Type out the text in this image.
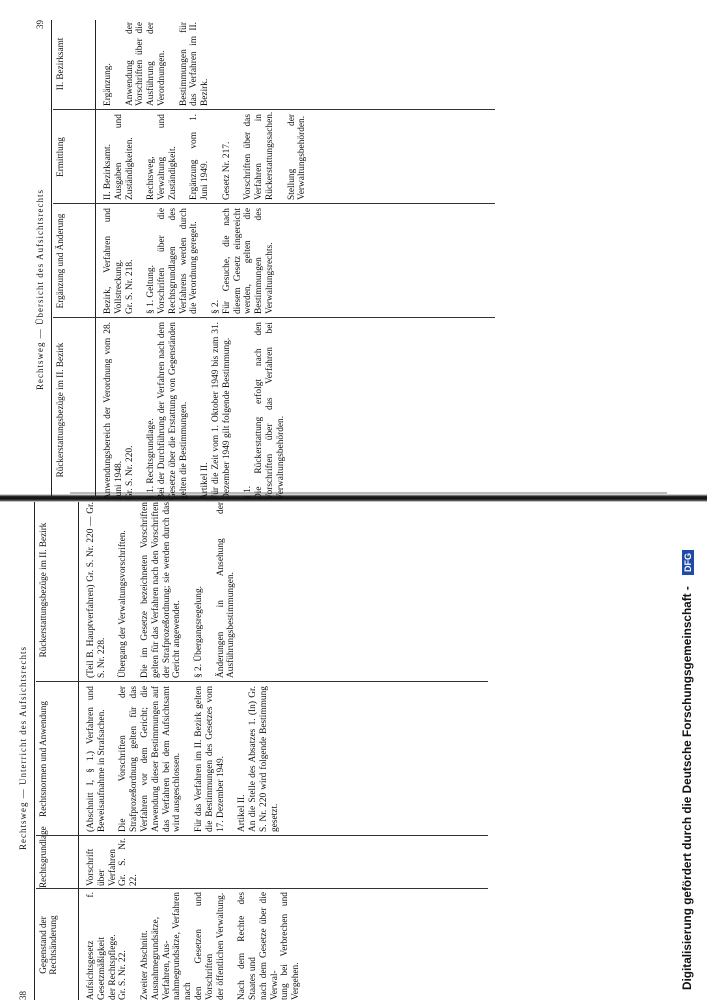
38
Rechtsweg — Unterricht des Aufsichtsrechts
Gegenstand der Rechtsänderung
Rechtsgrundlage
Rechtsnormen und Anwendung
Rückerstattungsbezüge im II. Bezirk
Aufsichtsgesetz f. Gesetzmäßigkeit
der Rechtspflege.
Gr. S. Nr. 22.

Zweiter Abschnitt.
Ausnahmegrundsätze, Verfahren, Aus-
nahmegrundsätze, Verfahren nach
den Gesetzen und Vorschriften
der öffentlichen Verwaltung.

Nach dem Rechte des Staates und
nach dem Gesetze über die Verwal-
tung bei Verbrechen und Vergehen.
Vorschrift
über
Verfahren
Gr. S. Nr. 22.
(Abschnitt I, § 1.) Verfahren und Beweisaufnahme in Strafsachen.

Die Vorschriften der Strafprozeßordnung gelten für das Verfahren vor dem Gericht; die Anwendung dieser Bestimmungen auf das Verfahren bei dem Aufsichtsamt wird ausgeschlossen.

Für das Verfahren im II. Bezirk gelten die Bestimmungen des Gesetzes vom 17. Dezember 1949.

Artikel II.
An die Stelle des Absatzes 1. (In) Gr. S. Nr. 220 wird folgende Bestimmung gesetzt.
(Teil B. Hauptverfahren) Gr. S. Nr. 220 — Gr. S. Nr. 228.

Übergang der Verwaltungsvorschriften.

Die im Gesetze bezeichneten Vorschriften gelten für das Verfahren nach den Vorschriften der Strafprozeßordnung; sie werden durch das Gericht angewendet.

§ 2. Übergangsregelung.

Änderungen in Ansehung der Ausführungsbestimmungen.
Rechtsweg — Übersicht des Aufsichtsrechts
39
Rückerstattungsbezüge im II. Bezirk
Ergänzung und Änderung
Ermittlung
II. Bezirksamt
Anwendungsbereich der Verordnung vom 28. Juni 1948.
Gr. S. Nr. 220.

§ 1. Rechtsgrundlage.
Bei der Durchführung der Verfahren nach dem Gesetze über die Erstattung von Gegenständen gelten die Bestimmungen.

Artikel II.
Für die Zeit vom 1. Oktober 1949 bis zum 31. Dezember 1949 gilt folgende Bestimmung.

§ 1.
Die Rückerstattung erfolgt nach den Vorschriften über das Verfahren bei Verwaltungsbehörden.
Bezirk, Verfahren und Vollstreckung.
Gr. S. Nr. 218.

§ 1. Geltung.
Vorschriften über die Rechtsgrundlagen des Verfahrens werden durch die Verordnung geregelt.

§ 2.
Für Gesuche, die nach diesem Gesetz eingereicht werden, gelten die Bestimmungen des Verwaltungsrechts.
II. Bezirksamt.
Ausgaben und Zuständigkeiten.

Rechtsweg, Verwaltung und Zuständigkeit.

Ergänzung vom 1. Juni 1949.

Gesetz Nr. 217.

Vorschriften über das Verfahren in Rückerstattungssachen.

Stellung der Verwaltungsbehörden.
Ergänzung.

Anwendung der Vorschriften über die Ausführung der Verordnungen.

Bestimmungen für das Verfahren im II. Bezirk.
Digitalisierung gefördert durch die Deutsche Forschungsgemeinschaft - DFG
